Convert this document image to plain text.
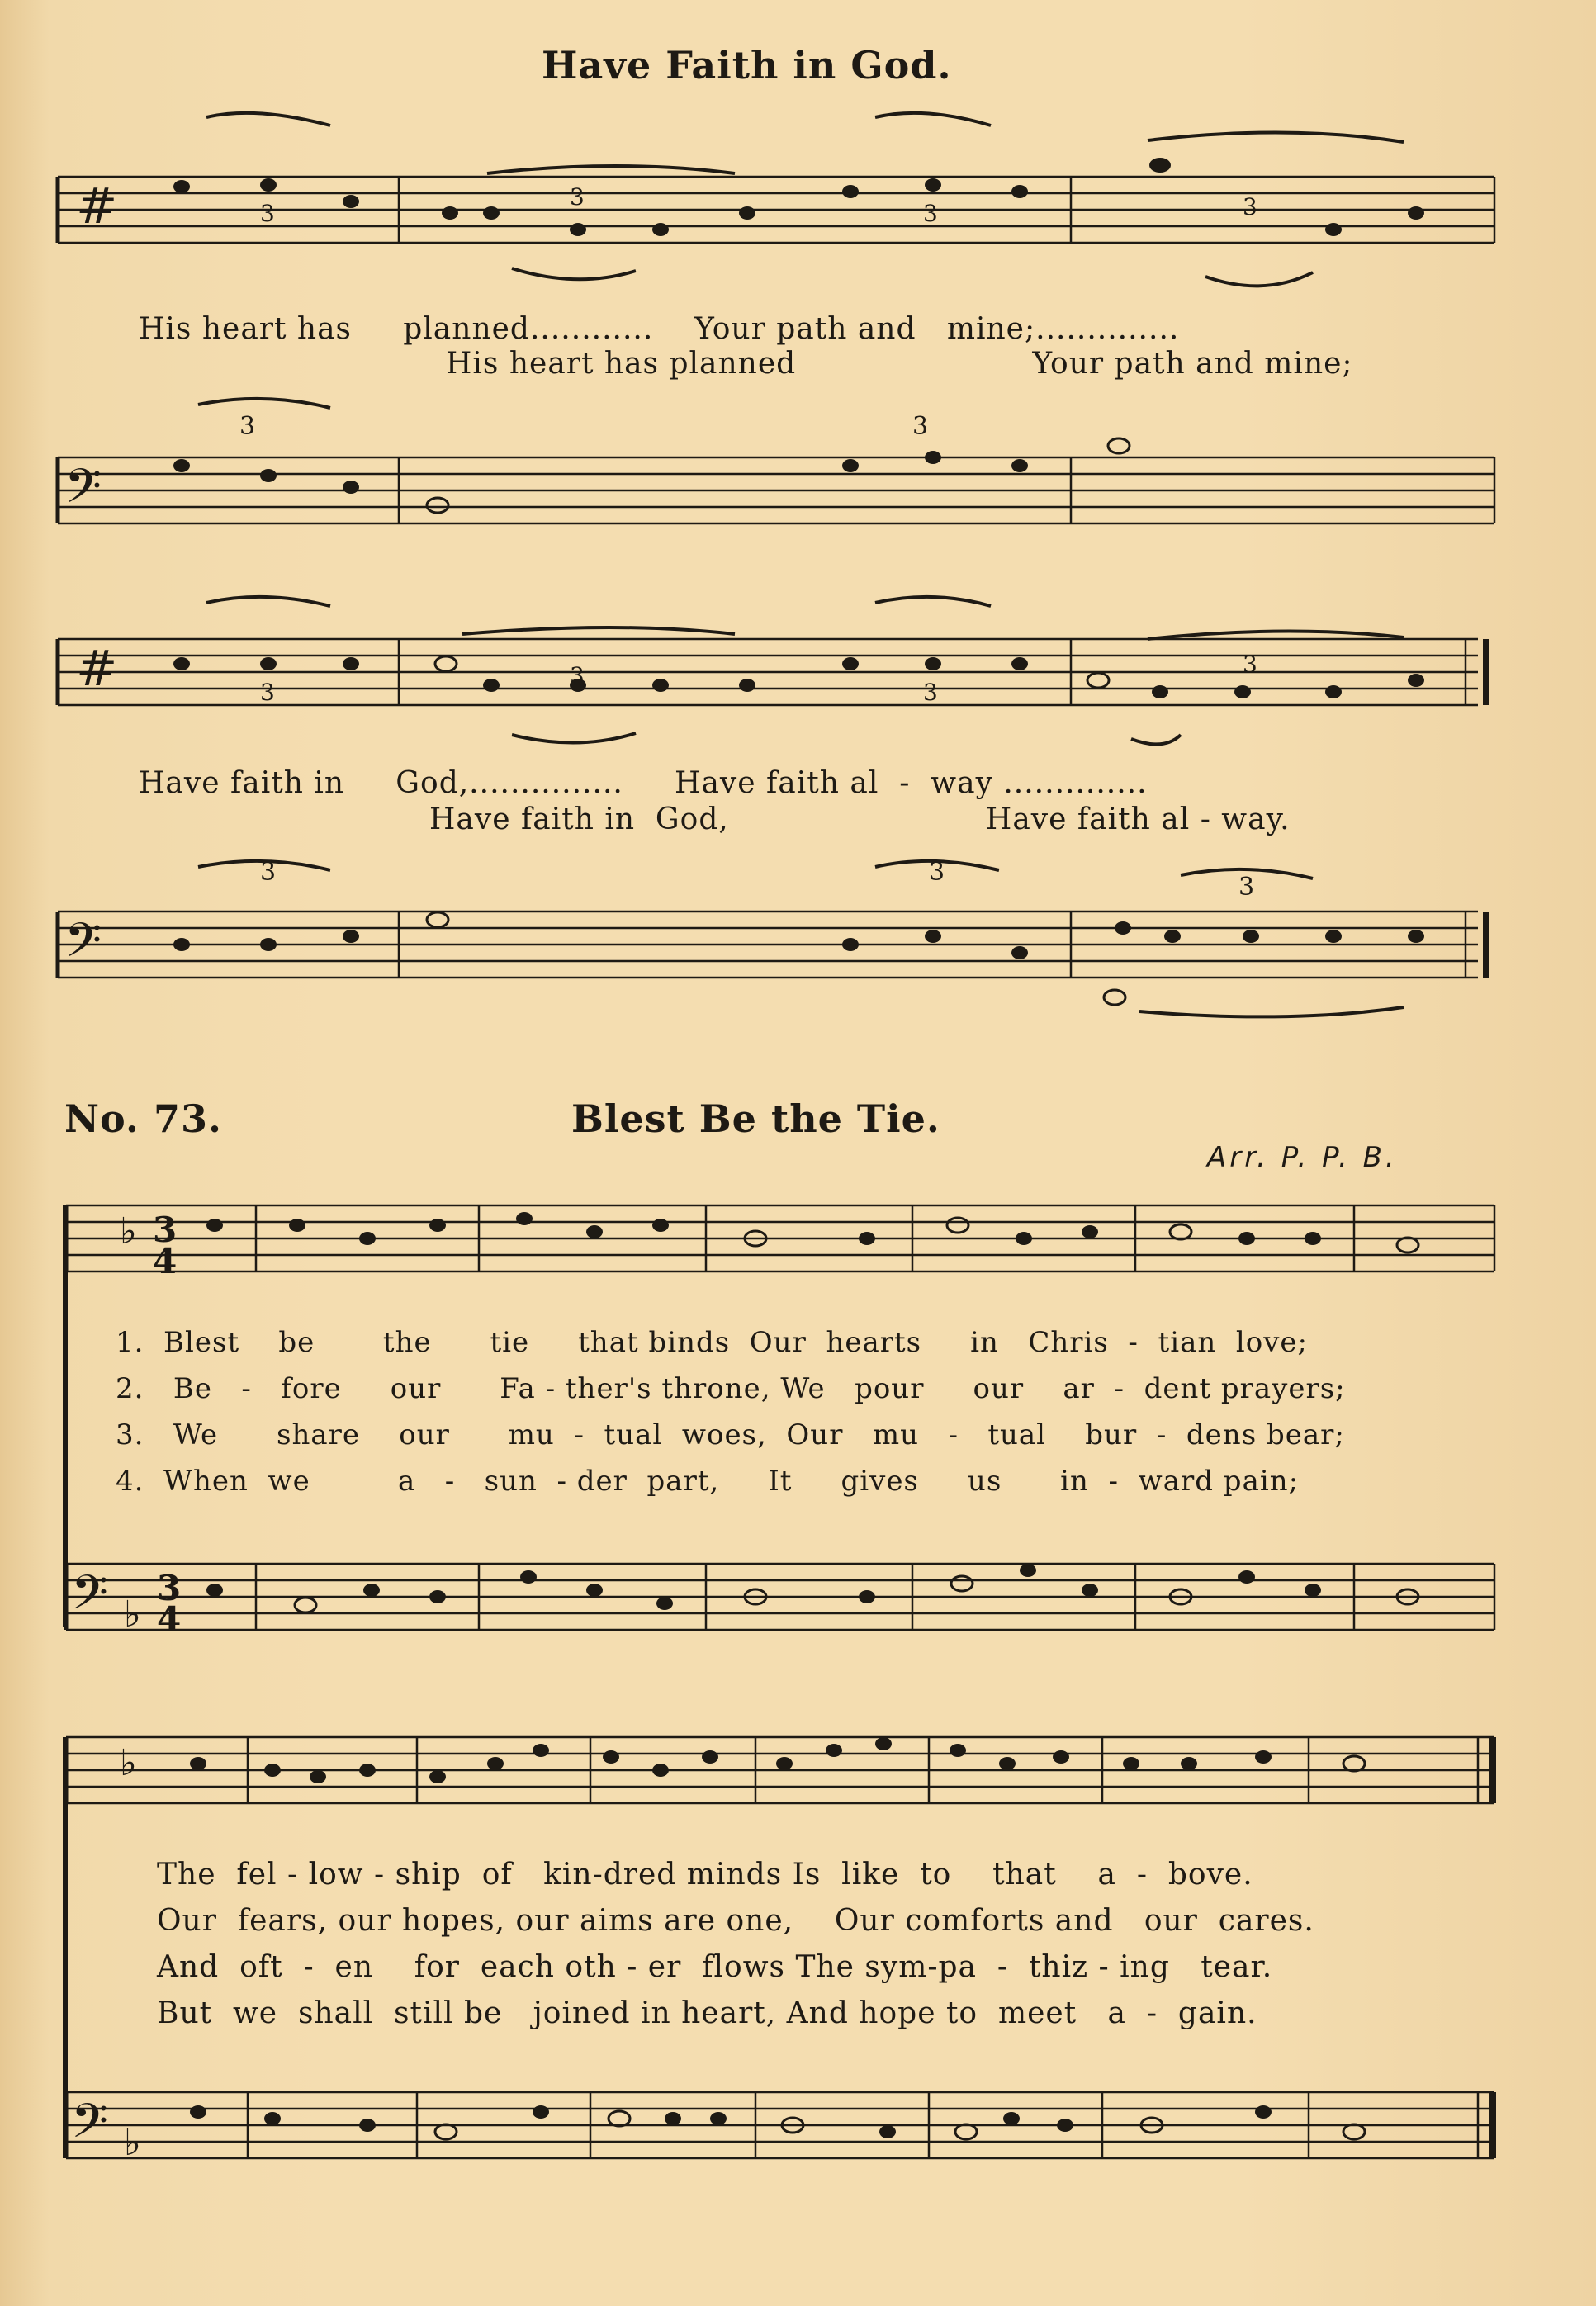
Have Faith in God.
#	3
3
3	3
His heart has     planned............    Your path and   mine;..............
His heart has planned                       Your path and mine;
𝄢
3	3
#	3
3
3
3
Have faith in     God,...............     Have faith al  -  way ..............
Have faith in  God,                         Have faith al - way.
𝄢
3	3
3
No. 73.	Blest Be the Tie.
Arr. P. P. B.
♭ 3
4
1.  Blest    be       the      tie     that binds  Our  hearts     in   Chris  -  tian  love;
2.   Be   -   fore     our      Fa - ther's throne, We   pour     our    ar  -  dent prayers;
3.   We      share    our      mu  -  tual  woes,  Our   mu   -   tual    bur  -  dens bear;
4.  When  we         a   -   sun  - der  part,     It     gives     us      in  -  ward pain;
𝄢 ♭
3
4
♭
The  fel - low - ship  of   kin-dred minds Is  like  to    that    a  -  bove.
Our  fears, our hopes, our aims are one,    Our comforts and   our  cares.
And  oft  -  en    for  each oth - er  flows The sym-pa  -  thiz - ing   tear.
But  we  shall  still be   joined in heart, And hope to  meet   a  -  gain.
𝄢 ♭
